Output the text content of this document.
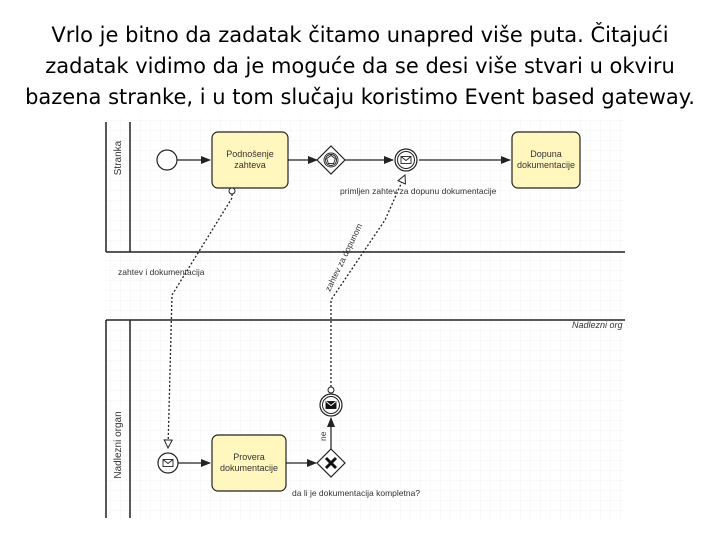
Vrlo je bitno da zadatak čitamo unapred više puta. Čitajući
zadatak vidimo da je moguće da se desi više stvari u okviru
bazena stranke, i u tom slučaju koristimo Event based gateway.
Stranka
Nadlezni organ
Nadlezni org
Podnošenje
zahteva
Dopuna
dokumentacije
primljen zahtev za dopunu dokumentacije
zahtev i dokumentacija	zahtev za dopunom
Provera
dokumentacije
da li je dokumentacija kompletna?
ne
